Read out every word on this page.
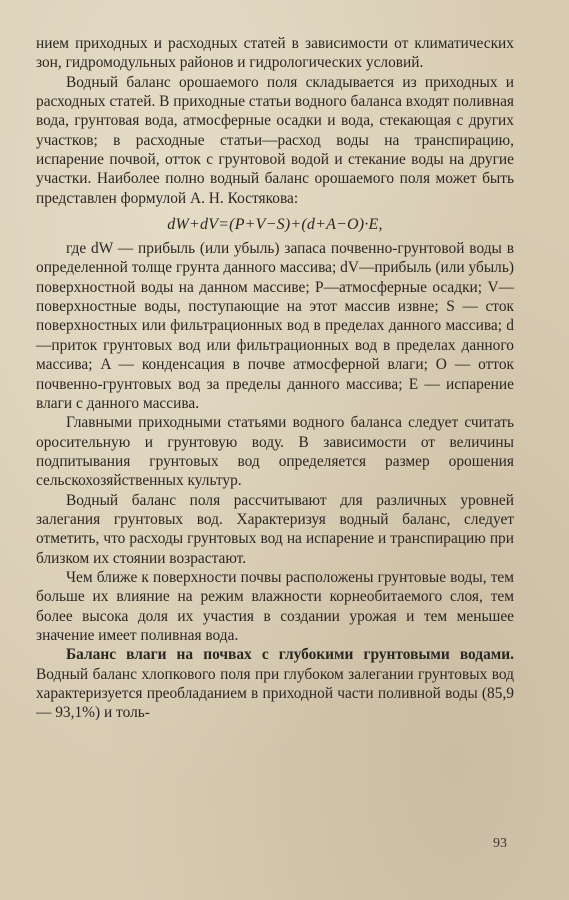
нием приходных и расходных статей в зависимости от климатических зон, гидромодульных районов и гидрологических условий.

Водный баланс орошаемого поля складывается из приходных и расходных статей. В приходные статьи водного баланса входят поливная вода, грунтовая вода, атмосферные осадки и вода, стекающая с других участков; в расходные статьи—расход воды на транспирацию, испарение почвой, отток с грунтовой водой и стекание воды на другие участки. Наиболее полно водный баланс орошаемого поля может быть представлен формулой А. Н. Костякова:

dW+dV=(P+V−S)+(d+A−O)·E,

где dW — прибыль (или убыль) запаса почвенно-грунтовой воды в определенной толще грунта данного массива; dV—прибыль (или убыль) поверхностной воды на данном массиве; P—атмосферные осадки; V—поверхностные воды, поступающие на этот массив извне; S — сток поверхностных или фильтрационных вод в пределах данного массива; d—приток грунтовых вод или фильтрационных вод в пределах данного массива; A — конденсация в почве атмосферной влаги; O — отток почвенно-грунтовых вод за пределы данного массива; E — испарение влаги с данного массива.

Главными приходными статьями водного баланса следует считать оросительную и грунтовую воду. В зависимости от величины подпитывания грунтовых вод определяется размер орошения сельскохозяйственных культур.

Водный баланс поля рассчитывают для различных уровней залегания грунтовых вод. Характеризуя водный баланс, следует отметить, что расходы грунтовых вод на испарение и транспирацию при близком их стоянии возрастают.

Чем ближе к поверхности почвы расположены грунтовые воды, тем больше их влияние на режим влажности корнеобитаемого слоя, тем более высока доля их участия в создании урожая и тем меньшее значение имеет поливная вода.

Баланс влаги на почвах с глубокими грунтовыми водами. Водный баланс хлопкового поля при глубоком залегании грунтовых вод характеризуется преобладанием в приходной части поливной воды (85,9 — 93,1%) и толь-

93
